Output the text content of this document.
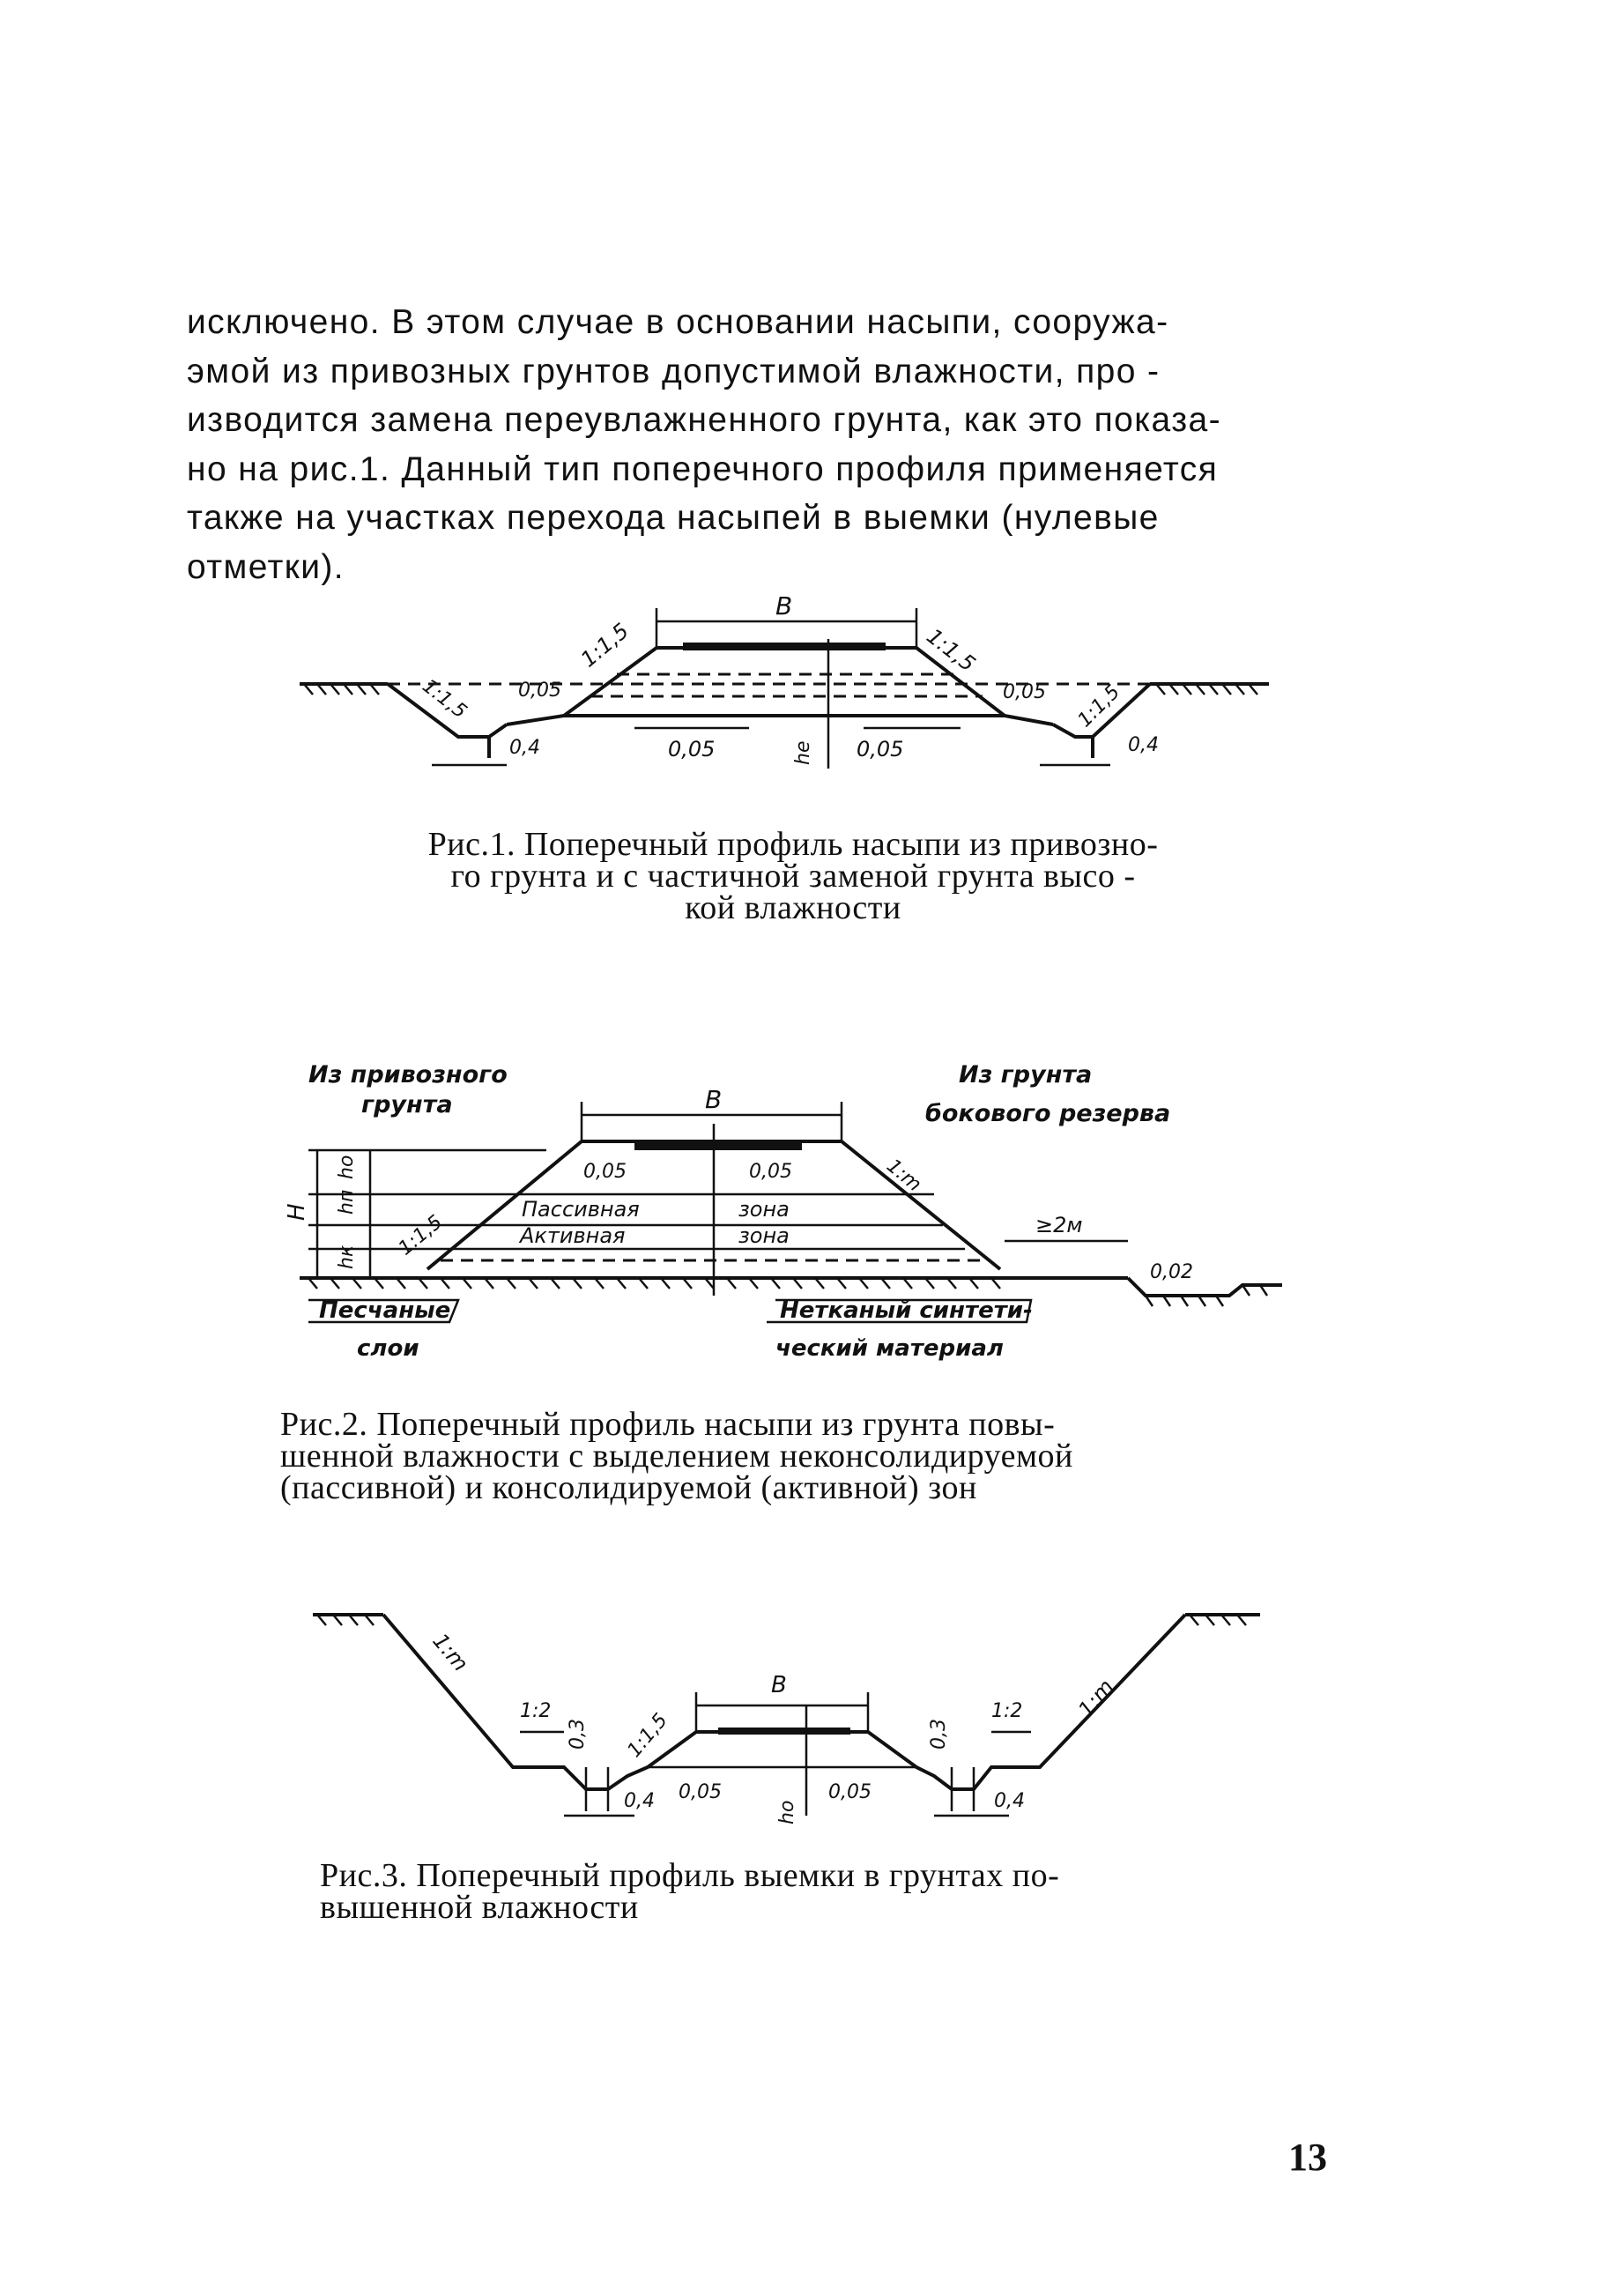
исключено. В этом случае в основании насыпи, сооружа-
эмой из привозных грунтов допустимой влажности, про -
изводится замена переувлажненного грунта, как это показа-
но на рис.1. Данный тип поперечного профиля применяется
также на участках перехода насыпей в выемки (нулевые
отметки).
B
1:1,5	1:1,5
1:1,5	1:1,5
0,05	0,05
0,4	0,4
0,05	0,05
hе
Рис.1. Поперечный профиль насыпи из привозно-
го грунта и с частичной заменой грунта высо -
кой влажности
Из привозного
грунта
Из грунта
бокового резерва
B
0,05	0,05	1:m
1:1,5
Пассивная	зона
Активная	зона	≥2м
0,02
H
hк
hп
hо
Песчаные
слои
Нетканый синтети-
ческий материал
Рис.2. Поперечный профиль насыпи из грунта повы-
шенной влажности с выделением неконсолидируемой
(пассивной) и консолидируемой (активной) зон
1:m
1:m
1:2	1:2
0,3	0,3
1:1,5
B
0,4	0,4
0,05	0,05
hо
Рис.3. Поперечный профиль выемки в грунтах по-
вышенной влажности
13
